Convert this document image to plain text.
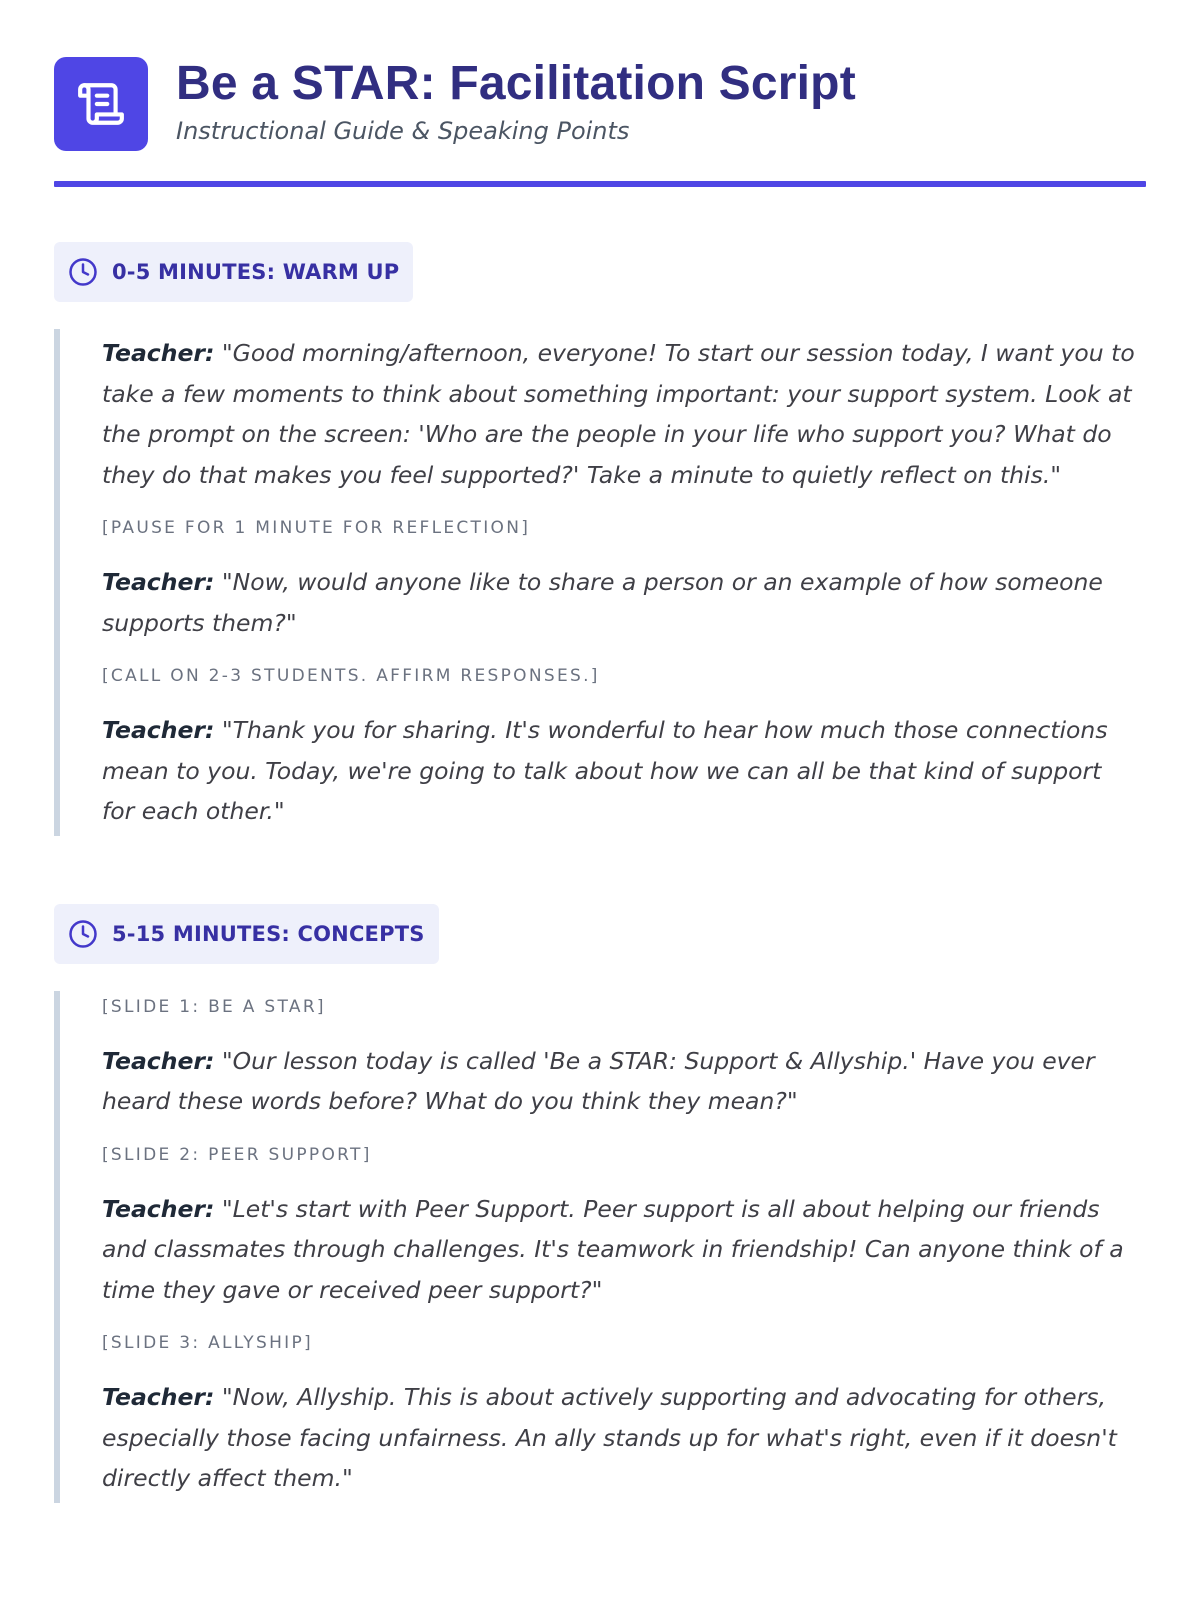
Be a STAR: Facilitation Script
Instructional Guide & Speaking Points
0-5 MINUTES: WARM UP

Teacher: "Good morning/afternoon, everyone! To start our session today, I want you to take a few moments to think about something important: your support system. Look at the prompt on the screen: 'Who are the people in your life who support you? What do they do that makes you feel supported?' Take a minute to quietly reflect on this."

[PAUSE FOR 1 MINUTE FOR REFLECTION]

Teacher: "Now, would anyone like to share a person or an example of how someone supports them?"

[CALL ON 2-3 STUDENTS. AFFIRM RESPONSES.]

Teacher: "Thank you for sharing. It's wonderful to hear how much those connections mean to you. Today, we're going to talk about how we can all be that kind of support for each other."

5-15 MINUTES: CONCEPTS

[SLIDE 1: BE A STAR]

Teacher: "Our lesson today is called 'Be a STAR: Support & Allyship.' Have you ever heard these words before? What do you think they mean?"

[SLIDE 2: PEER SUPPORT]

Teacher: "Let's start with Peer Support. Peer support is all about helping our friends and classmates through challenges. It's teamwork in friendship! Can anyone think of a time they gave or received peer support?"

[SLIDE 3: ALLYSHIP]

Teacher: "Now, Allyship. This is about actively supporting and advocating for others, especially those facing unfairness. An ally stands up for what's right, even if it doesn't directly affect them."
